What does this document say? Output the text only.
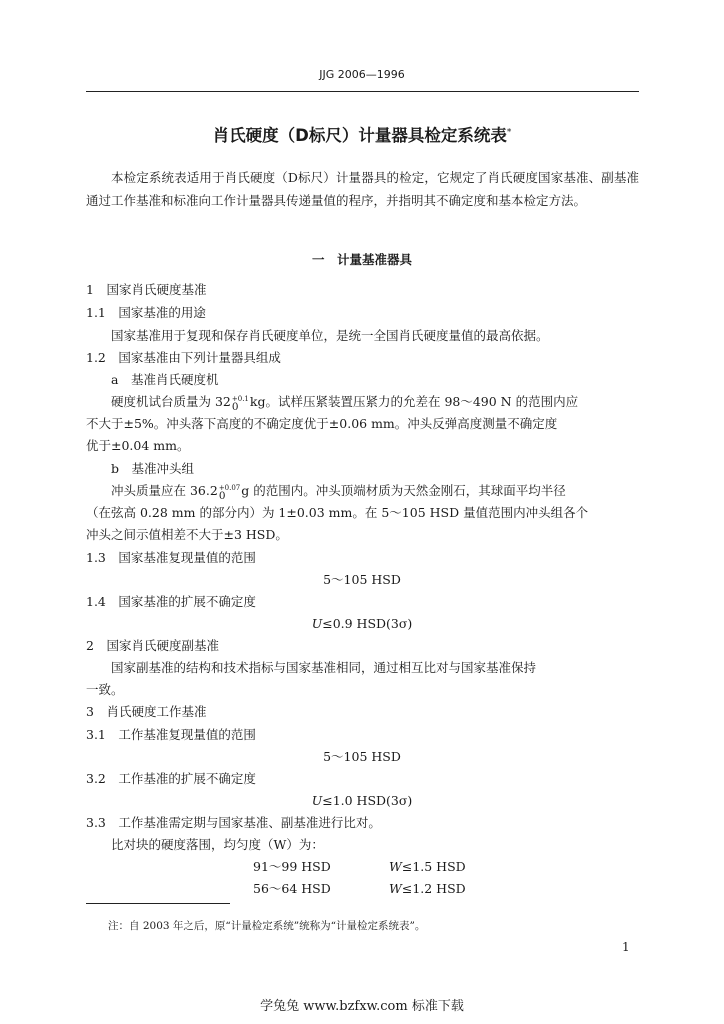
JJG 2006—1996
肖氏硬度（D标尺）计量器具检定系统表*
本检定系统表适用于肖氏硬度（D标尺）计量器具的检定，它规定了肖氏硬度国家基准、副基准通过工作基准和标准向工作计量器具传递量值的程序，并指明其不确定度和基本检定方法。
一　计量基准器具
1　国家肖氏硬度基准
1.1　国家基准的用途
国家基准用于复现和保存肖氏硬度单位，是统一全国肖氏硬度量值的最高依据。
1.2　国家基准由下列计量器具组成
a　基准肖氏硬度机
硬度机试台质量为 32 +0.1
0 kg。试样压紧装置压紧力的允差在 98～490 N 的范围内应
不大于±5%。冲头落下高度的不确定度优于±0.06 mm。冲头反弹高度测量不确定度
优于±0.04 mm。
b　基准冲头组
冲头质量应在 36.2 +0.07
0	g 的范围内。冲头顶端材质为天然金刚石，其球面平均半径
（在弦高 0.28 mm 的部分内）为 1±0.03 mm。在 5～105 HSD 量值范围内冲头组各个
冲头之间示值相差不大于±3 HSD。
1.3　国家基准复现量值的范围
5～105 HSD
1.4　国家基准的扩展不确定度
U≤0.9 HSD(3σ)
2　国家肖氏硬度副基准
国家副基准的结构和技术指标与国家基准相同，通过相互比对与国家基准保持
一致。
3　肖氏硬度工作基准
3.1　工作基准复现量值的范围
5～105 HSD
3.2　工作基准的扩展不确定度
U≤1.0 HSD(3σ)
3.3　工作基准需定期与国家基准、副基准进行比对。
比对块的硬度落围，均匀度（W）为：
91～99 HSD	W≤1.5 HSD
56～64 HSD	W≤1.2 HSD
注：自 2003 年之后，原“计量检定系统”统称为“计量检定系统表”。
1
学兔兔 www.bzfxw.com 标准下载
